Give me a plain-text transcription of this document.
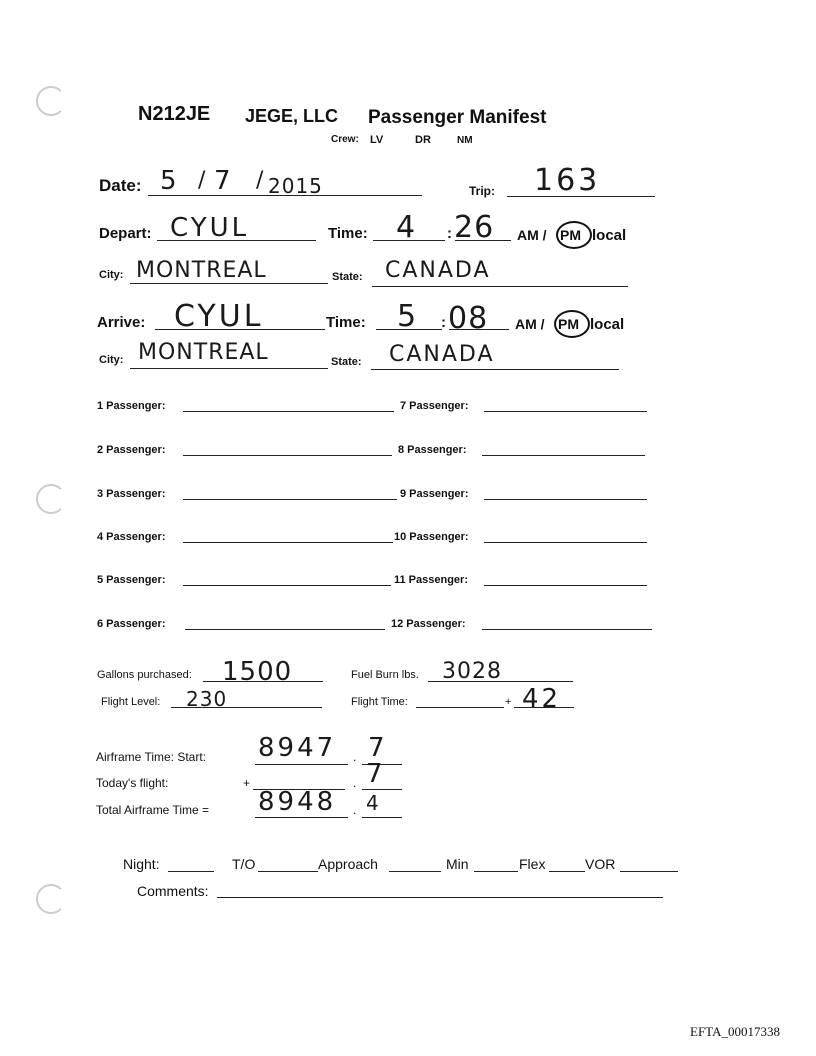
N212JE JEGE, LLC Passenger Manifest
Crew: LV	DR	NM
Date: 5 / 7 / 2015	Trip: 163
Depart: CYUL	Time: 4 : 26 AM / PM local
City: MONTREAL	State: CANADA
Arrive: CYUL	Time: 5 : 08 AM / PM local
City: MONTREAL	State: CANADA
1 Passenger:
2 Passenger:
3 Passenger:
4 Passenger:
5 Passenger:
6 Passenger:
7 Passenger:
8 Passenger:
9 Passenger:
10 Passenger:
11 Passenger:
12 Passenger:
Gallons purchased: 1500	Fuel Burn lbs. 3028
Flight Level: 230	Flight Time:	+ 42
Airframe Time: Start: 8947 . 7
Today's flight:	+	. 7
Total Airframe Time = 8948 . 4
Night:	T/O	Approach	Min	Flex	VOR
Comments:
EFTA_00017338
